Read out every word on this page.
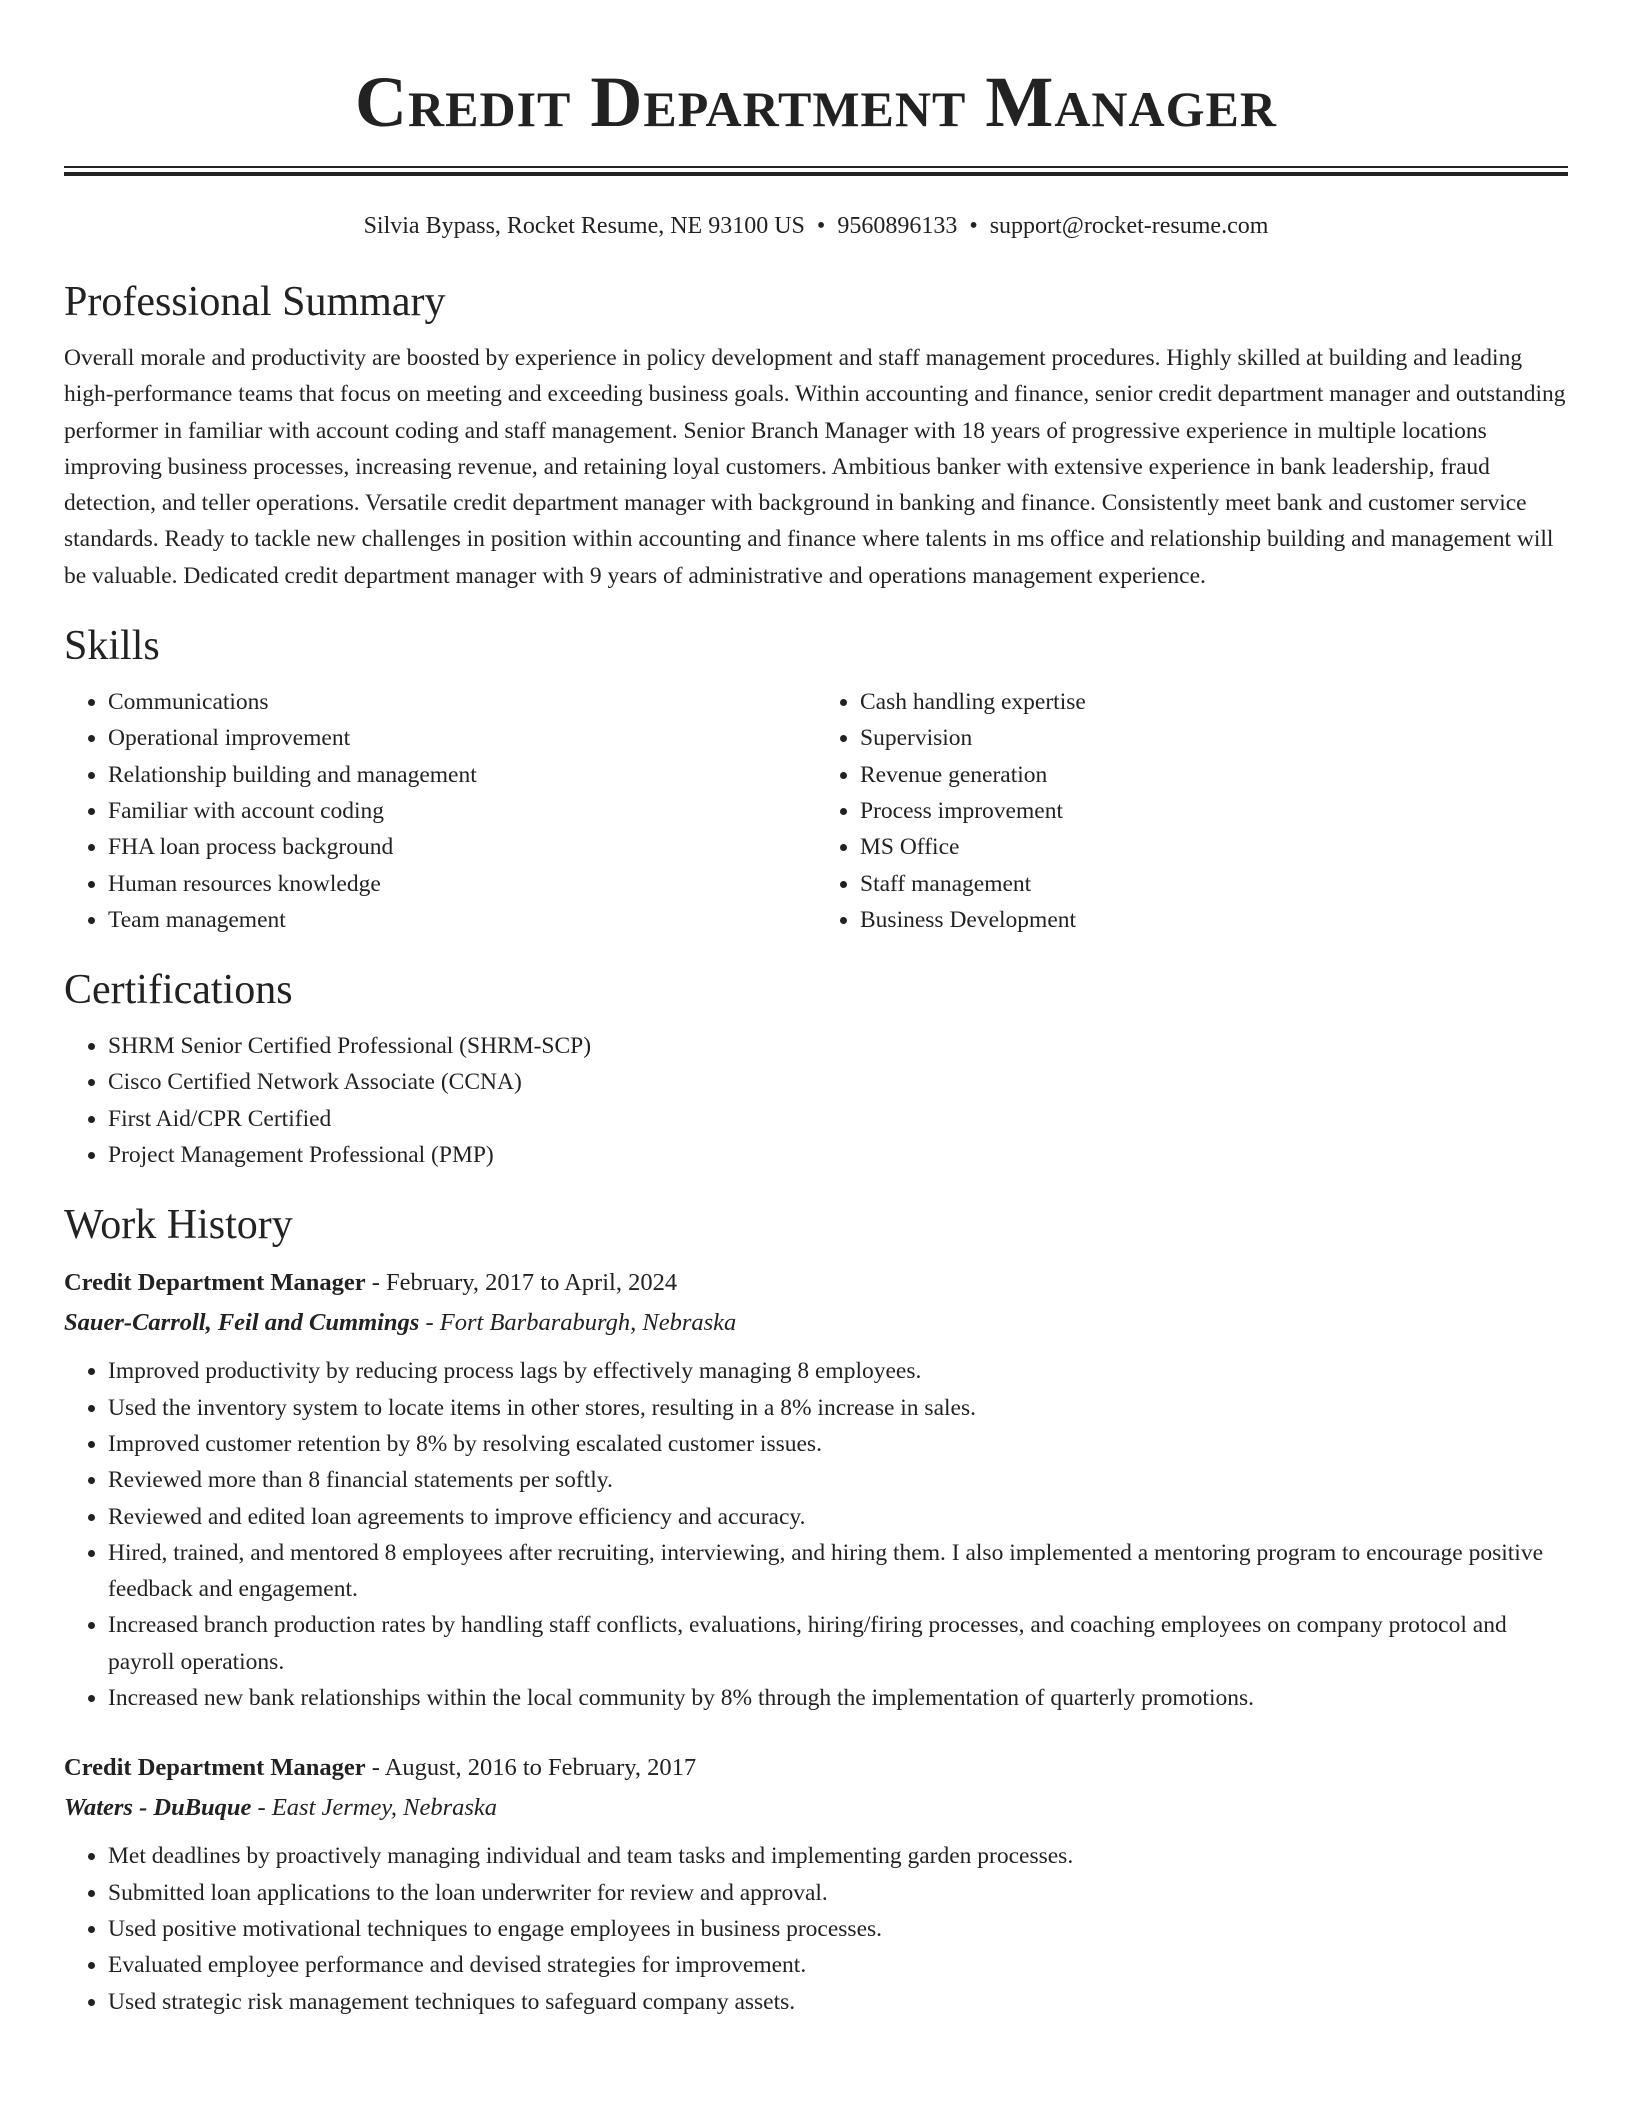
Credit Department Manager
Silvia Bypass, Rocket Resume, NE 93100 US • 9560896133 • support@rocket-resume.com
Professional Summary

Overall morale and productivity are boosted by experience in policy development and staff management procedures. Highly skilled at building and leading high-performance teams that focus on meeting and exceeding business goals. Within accounting and finance, senior credit department manager and outstanding performer in familiar with account coding and staff management. Senior Branch Manager with 18 years of progressive experience in multiple locations improving business processes, increasing revenue, and retaining loyal customers. Ambitious banker with extensive experience in bank leadership, fraud detection, and teller operations. Versatile credit department manager with background in banking and finance. Consistently meet bank and customer service standards. Ready to tackle new challenges in position within accounting and finance where talents in ms office and relationship building and management will be valuable. Dedicated credit department manager with 9 years of administrative and operations management experience.

Skills
• Communications
• Operational improvement
• Relationship building and management
• Familiar with account coding
• FHA loan process background
• Human resources knowledge
• Team management
• Cash handling expertise
• Supervision
• Revenue generation
• Process improvement
• MS Office
• Staff management
• Business Development
Certifications
• SHRM Senior Certified Professional (SHRM-SCP)
• Cisco Certified Network Associate (CCNA)
• First Aid/CPR Certified
• Project Management Professional (PMP)
Work History
Credit Department Manager - February, 2017 to April, 2024
Sauer-Carroll, Feil and Cummings - Fort Barbaraburgh, Nebraska
• Improved productivity by reducing process lags by effectively managing 8 employees.
• Used the inventory system to locate items in other stores, resulting in a 8% increase in sales.
• Improved customer retention by 8% by resolving escalated customer issues.
• Reviewed more than 8 financial statements per softly.
• Reviewed and edited loan agreements to improve efficiency and accuracy.
• Hired, trained, and mentored 8 employees after recruiting, interviewing, and hiring them. I also implemented a mentoring program to encourage positive feedback and engagement.
• Increased branch production rates by handling staff conflicts, evaluations, hiring/firing processes, and coaching employees on company protocol and payroll operations.
• Increased new bank relationships within the local community by 8% through the implementation of quarterly promotions.
Credit Department Manager - August, 2016 to February, 2017
Waters - DuBuque - East Jermey, Nebraska
• Met deadlines by proactively managing individual and team tasks and implementing garden processes.
• Submitted loan applications to the loan underwriter for review and approval.
• Used positive motivational techniques to engage employees in business processes.
• Evaluated employee performance and devised strategies for improvement.
• Used strategic risk management techniques to safeguard company assets.
